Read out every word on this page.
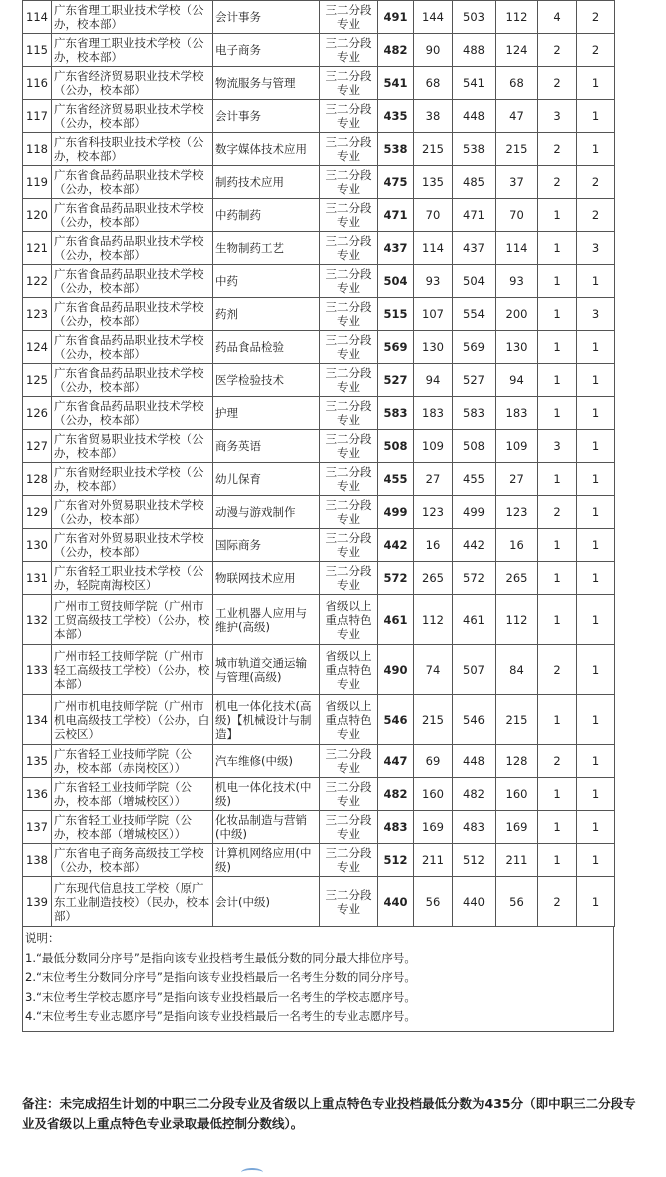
114	广东省理工职业技术学校（公办，校本部）	会计事务	三二分段专业	491	144	503	112	4	2
115	广东省理工职业技术学校（公办，校本部）	电子商务	三二分段专业	482	90	488	124	2	2
116	广东省经济贸易职业技术学校（公办，校本部）	物流服务与管理	三二分段专业	541	68	541	68	2	1
117	广东省经济贸易职业技术学校（公办，校本部）	会计事务	三二分段专业	435	38	448	47	3	1
118	广东省科技职业技术学校（公办，校本部）	数字媒体技术应用	三二分段专业	538	215	538	215	2	1
119	广东省食品药品职业技术学校（公办，校本部）	制药技术应用	三二分段专业	475	135	485	37	2	2
120	广东省食品药品职业技术学校（公办，校本部）	中药制药	三二分段专业	471	70	471	70	1	2
121	广东省食品药品职业技术学校（公办，校本部）	生物制药工艺	三二分段专业	437	114	437	114	1	3
122	广东省食品药品职业技术学校（公办，校本部）	中药	三二分段专业	504	93	504	93	1	1
123	广东省食品药品职业技术学校（公办，校本部）	药剂	三二分段专业	515	107	554	200	1	3
124	广东省食品药品职业技术学校（公办，校本部）	药品食品检验	三二分段专业	569	130	569	130	1	1
125	广东省食品药品职业技术学校（公办，校本部）	医学检验技术	三二分段专业	527	94	527	94	1	1
126	广东省食品药品职业技术学校（公办，校本部）	护理	三二分段专业	583	183	583	183	1	1
127	广东省贸易职业技术学校（公办，校本部）	商务英语	三二分段专业	508	109	508	109	3	1
128	广东省财经职业技术学校（公办，校本部）	幼儿保育	三二分段专业	455	27	455	27	1	1
129	广东省对外贸易职业技术学校（公办，校本部）	动漫与游戏制作	三二分段专业	499	123	499	123	2	1
130	广东省对外贸易职业技术学校（公办，校本部）	国际商务	三二分段专业	442	16	442	16	1	1
131	广东省轻工职业技术学校（公办，轻院南海校区）	物联网技术应用	三二分段专业	572	265	572	265	1	1
132	广州市工贸技师学院（广州市工贸高级技工学校）（公办，校本部）	工业机器人应用与维护(高级)	省级以上重点特色专业	461	112	461	112	1	1
133	广州市轻工技师学院（广州市轻工高级技工学校）（公办，校本部）	城市轨道交通运输与管理(高级)	省级以上重点特色专业	490	74	507	84	2	1
134	广州市机电技师学院（广州市机电高级技工学校）（公办，白云校区）	机电一体化技术(高级)【机械设计与制造】	省级以上重点特色专业	546	215	546	215	1	1
135	广东省轻工业技师学院（公办，校本部（赤岗校区））	汽车维修(中级)	三二分段专业	447	69	448	128	2	1
136	广东省轻工业技师学院（公办，校本部（增城校区））	机电一体化技术(中级)	三二分段专业	482	160	482	160	1	1
137	广东省轻工业技师学院（公办，校本部（增城校区））	化妆品制造与营销(中级)	三二分段专业	483	169	483	169	1	1
138	广东省电子商务高级技工学校（公办，校本部）	计算机网络应用(中级)	三二分段专业	512	211	512	211	1	1
139	广东现代信息技工学校（原广东工业制造技校）（民办，校本部）	会计(中级)	三二分段专业	440	56	440	56	2	1
说明：
1.“最低分数同分序号”是指向该专业投档考生最低分数的同分最大排位序号。
2.“末位考生分数同分序号”是指向该专业投档最后一名考生分数的同分序号。
3.“末位考生学校志愿序号”是指向该专业投档最后一名考生的学校志愿序号。
4.“末位考生专业志愿序号”是指向该专业投档最后一名考生的专业志愿序号。
备注：未完成招生计划的中职三二分段专业及省级以上重点特色专业投档最低分数为435分（即中职三二分段专业及省级以上重点特色专业录取最低控制分数线）。
